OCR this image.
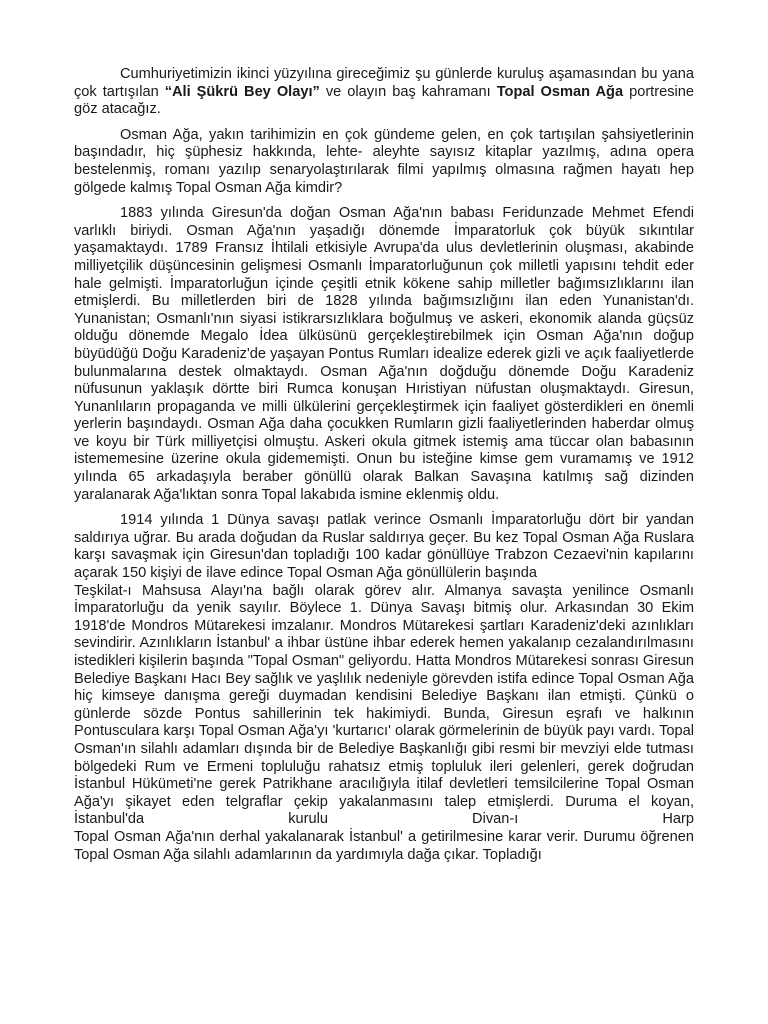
Cumhuriyetimizin ikinci yüzyılına gireceğimiz şu günlerde kuruluş aşamasından bu yana çok tartışılan “Ali Şükrü Bey Olayı” ve olayın baş kahramanı Topal Osman Ağa portresine göz atacağız.

Osman Ağa, yakın tarihimizin en çok gündeme gelen, en çok tartışılan şahsiyetlerinin başındadır, hiç şüphesiz hakkında, lehte- aleyhte sayısız kitaplar yazılmış, adına opera bestelenmiş, romanı yazılıp senaryolaştırılarak filmi yapılmış olmasına rağmen hayatı hep gölgede kalmış Topal Osman Ağa kimdir?

1883 yılında Giresun'da doğan Osman Ağa'nın babası Feridunzade Mehmet Efendi varlıklı biriydi. Osman Ağa'nın yaşadığı dönemde İmparatorluk çok büyük sıkıntılar yaşamaktaydı. 1789 Fransız İhtilali etkisiyle Avrupa'da ulus devletlerinin oluşması, akabinde milliyetçilik düşüncesinin gelişmesi Osmanlı İmparatorluğunun çok milletli yapısını tehdit eder hale gelmişti. İmparatorluğun içinde çeşitli etnik kökene sahip milletler bağımsızlıklarını ilan etmişlerdi. Bu milletlerden biri de 1828 yılında bağımsızlığını ilan eden Yunanistan'dı. Yunanistan; Osmanlı'nın siyasi istikrarsızlıklara boğulmuş ve askeri, ekonomik alanda güçsüz olduğu dönemde Megalo İdea ülküsünü gerçekleştirebilmek için Osman Ağa'nın doğup büyüdüğü Doğu Karadeniz'de yaşayan Pontus Rumları idealize ederek gizli ve açık faaliyetlerde bulunmalarına destek olmaktaydı. Osman Ağa'nın doğduğu dönemde Doğu Karadeniz nüfusunun yaklaşık dörtte biri Rumca konuşan Hıristiyan nüfustan oluşmaktaydı. Giresun, Yunanlıların propaganda ve milli ülkülerini gerçekleştirmek için faaliyet gösterdikleri en önemli yerlerin başındaydı. Osman Ağa daha çocukken Rumların gizli faaliyetlerinden haberdar olmuş ve koyu bir Türk milliyetçisi olmuştu. Askeri okula gitmek istemiş ama tüccar olan babasının istememesine üzerine okula gidememişti. Onun bu isteğine kimse gem vuramamış ve 1912 yılında 65 arkadaşıyla beraber gönüllü olarak Balkan Savaşına katılmış sağ dizinden yaralanarak Ağa'lıktan sonra Topal lakabıda ismine eklenmiş oldu.

1914 yılında 1 Dünya savaşı patlak verince Osmanlı İmparatorluğu dört bir yandan saldırıya uğrar. Bu arada doğudan da Ruslar saldırıya geçer. Bu kez Topal Osman Ağa Ruslara karşı savaşmak için Giresun'dan topladığı 100 kadar gönüllüye Trabzon Cezaevi'nin kapılarını açarak 150 kişiyi de ilave edince Topal Osman Ağa gönüllülerin başında

Teşkilat-ı Mahsusa Alayı'na bağlı olarak görev alır. Almanya savaşta yenilince Osmanlı İmparatorluğu da yenik sayılır. Böylece 1. Dünya Savaşı bitmiş olur. Arkasından 30 Ekim 1918'de Mondros Mütarekesi imzalanır. Mondros Mütarekesi şartları Karadeniz'deki azınlıkları sevindirir. Azınlıkların İstanbul' a ihbar üstüne ihbar ederek hemen yakalanıp cezalandırılmasını istedikleri kişilerin başında "Topal Osman" geliyordu. Hatta Mondros Mütarekesi sonrası Giresun Belediye Başkanı Hacı Bey sağlık ve yaşlılık nedeniyle görevden istifa edince Topal Osman Ağa hiç kimseye danışma gereği duymadan kendisini Belediye Başkanı ilan etmişti. Çünkü o günlerde sözde Pontus sahillerinin tek hakimiydi. Bunda, Giresun eşrafı ve halkının Pontusculara karşı Topal Osman Ağa'yı 'kurtarıcı' olarak görmelerinin de büyük payı vardı. Topal Osman'ın silahlı adamları dışında bir de Belediye Başkanlığı gibi resmi bir mevziyi elde tutması bölgedeki Rum ve Ermeni topluluğu rahatsız etmiş topluluk ileri gelenleri, gerek doğrudan İstanbul Hükümeti'ne gerek Patrikhane aracılığıyla itilaf devletleri temsilcilerine Topal Osman Ağa'yı şikayet eden telgraflar çekip yakalanmasını talep etmişlerdi. Duruma el koyan, İstanbul'da kurulu Divan-ı Harp

Topal Osman Ağa'nın derhal yakalanarak İstanbul' a getirilmesine karar verir. Durumu öğrenen Topal Osman Ağa silahlı adamlarının da yardımıyla dağa çıkar. Topladığı
